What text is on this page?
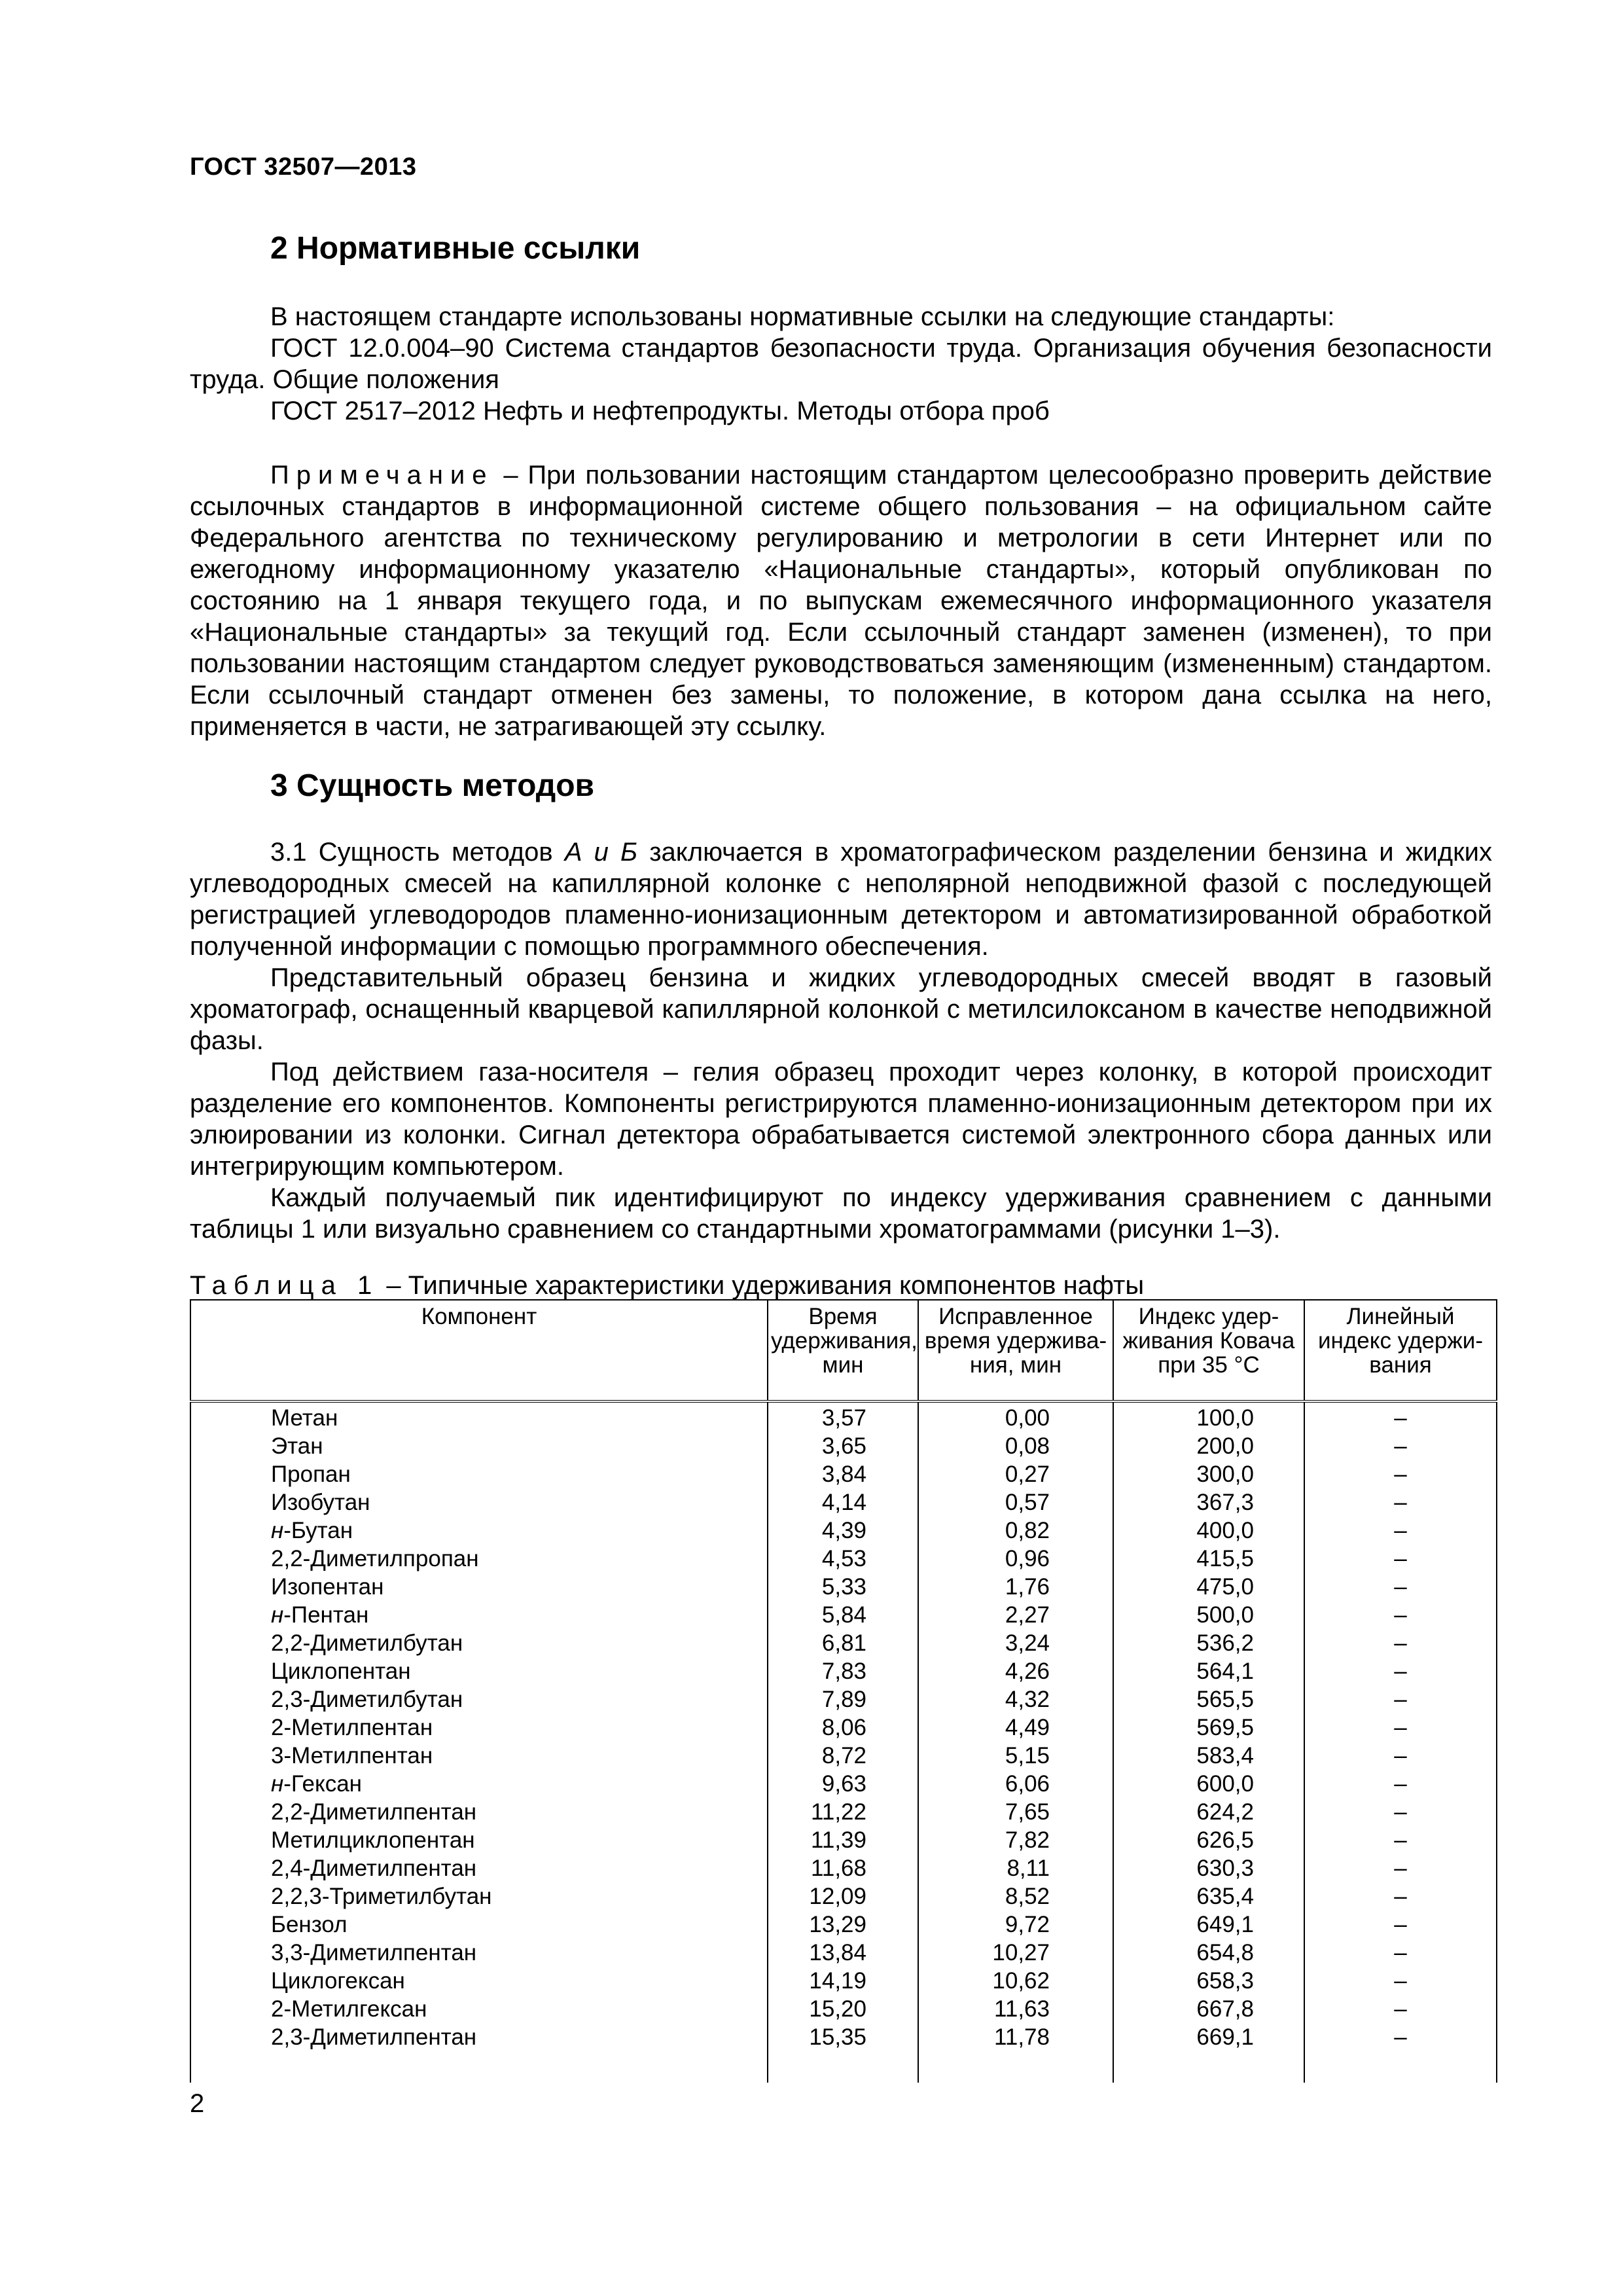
ГОСТ 32507—2013
2 Нормативные ссылки

В настоящем стандарте использованы нормативные ссылки на следующие стандарты:

ГОСТ 12.0.004–90 Система стандартов безопасности труда. Организация обучения безопасности труда. Общие положения

ГОСТ 2517–2012 Нефть и нефтепродукты. Методы отбора проб

Примечание – При пользовании настоящим стандартом целесообразно проверить действие ссылочных стандартов в информационной системе общего пользования – на официальном сайте Федерального агентства по техническому регулированию и метрологии в сети Интернет или по ежегодному информационному указателю «Национальные стандарты», который опубликован по состоянию на 1 января текущего года, и по выпускам ежемесячного информационного указателя «Национальные стандарты» за текущий год. Если ссылочный стандарт заменен (изменен), то при пользовании настоящим стандартом следует руководствоваться заменяющим (измененным) стандартом. Если ссылочный стандарт отменен без замены, то положение, в котором дана ссылка на него, применяется в части, не затрагивающей эту ссылку.

3 Сущность методов

3.1 Сущность методов А и Б заключается в хроматографическом разделении бензина и жидких углеводородных смесей на капиллярной колонке с неполярной неподвижной фазой с последующей регистрацией углеводородов пламенно-ионизационным детектором и автоматизированной обработкой полученной информации с помощью программного обеспечения.

Представительный образец бензина и жидких углеводородных смесей вводят в газовый хроматограф, оснащенный кварцевой капиллярной колонкой с метилсилоксаном в качестве неподвижной фазы.

Под действием газа-носителя – гелия образец проходит через колонку, в которой происходит разделение его компонентов. Компоненты регистрируются пламенно-ионизационным детектором при их элюировании из колонки. Сигнал детектора обрабатывается системой электронного сбора данных или интегрирующим компьютером.

Каждый получаемый пик идентифицируют по индексу удерживания сравнением с данными таблицы 1 или визуально сравнением со стандартными хроматограммами (рисунки 1–3).

Таблица 1 – Типичные характеристики удерживания компонентов нафты
Компонент	Время удерживания, мин	Исправленное время удержива-ния, мин	Индекс удер-живания Ковача при 35 °С	Линейный индекс удержи-вания
Метан	3,57	0,00	100,0	–
Этан	3,65	0,08	200,0	–
Пропан	3,84	0,27	300,0	–
Изобутан	4,14	0,57	367,3	–
н-Бутан	4,39	0,82	400,0	–
2,2-Диметилпропан	4,53	0,96	415,5	–
Изопентан	5,33	1,76	475,0	–
н-Пентан	5,84	2,27	500,0	–
2,2-Диметилбутан	6,81	3,24	536,2	–
Циклопентан	7,83	4,26	564,1	–
2,3-Диметилбутан	7,89	4,32	565,5	–
2-Метилпентан	8,06	4,49	569,5	–
3-Метилпентан	8,72	5,15	583,4	–
н-Гексан	9,63	6,06	600,0	–
2,2-Диметилпентан	11,22	7,65	624,2	–
Метилциклопентан	11,39	7,82	626,5	–
2,4-Диметилпентан	11,68	8,11	630,3	–
2,2,3-Триметилбутан	12,09	8,52	635,4	–
Бензол	13,29	9,72	649,1	–
3,3-Диметилпентан	13,84	10,27	654,8	–
Циклогексан	14,19	10,62	658,3	–
2-Метилгексан	15,20	11,63	667,8	–
2,3-Диметилпентан	15,35	11,78	669,1	–

2
